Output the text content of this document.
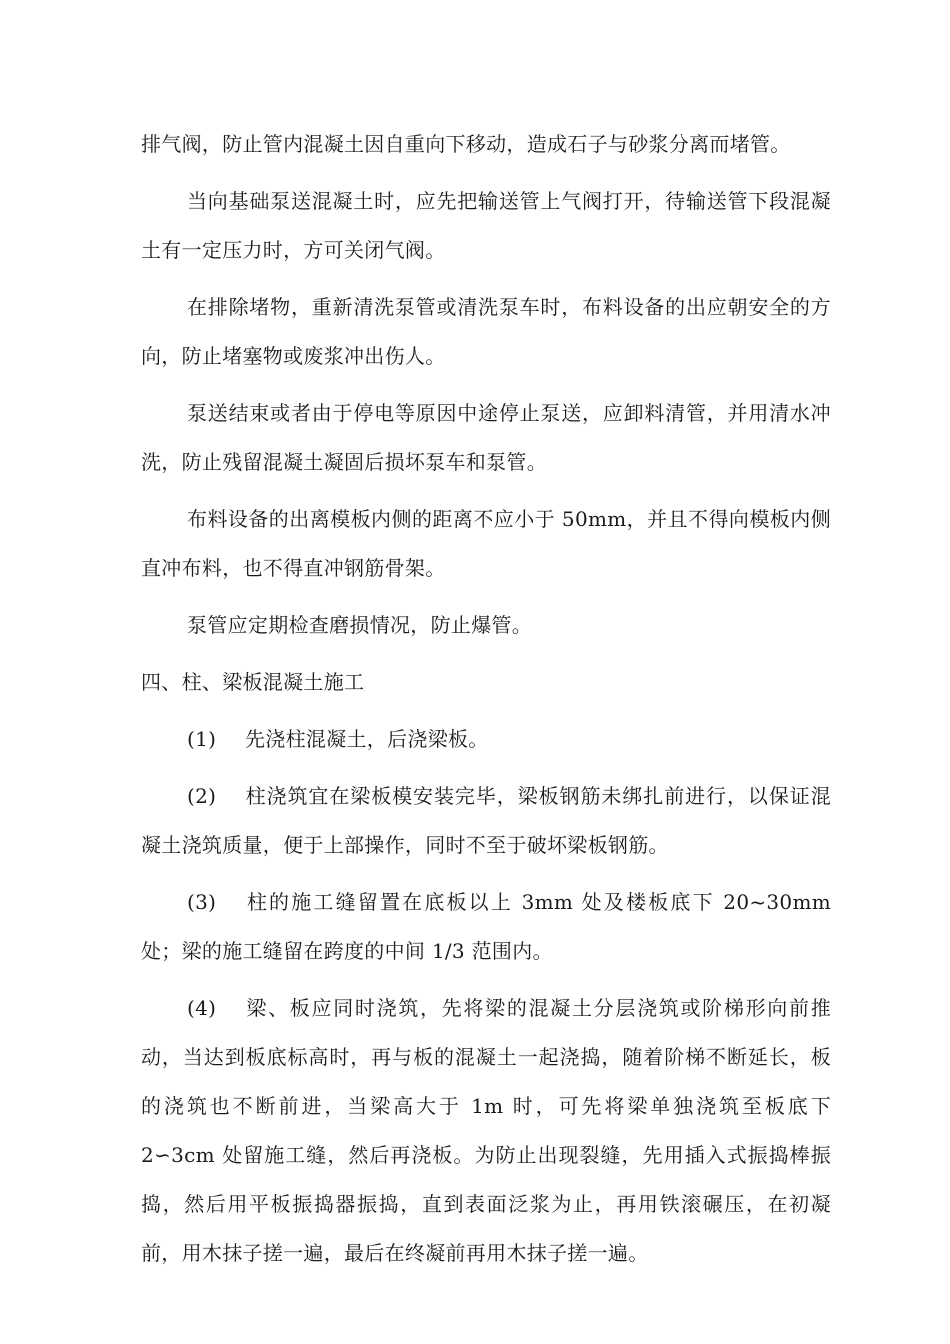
排气阀，防止管内混凝土因自重向下移动，造成石子与砂浆分离而堵管。

当向基础泵送混凝土时，应先把输送管上气阀打开，待输送管下段混凝土有一定压力时，方可关闭气阀。

在排除堵物，重新清洗泵管或清洗泵车时，布料设备的出应朝安全的方向，防止堵塞物或废浆冲出伤人。

泵送结束或者由于停电等原因中途停止泵送，应卸料清管，并用清水冲洗，防止残留混凝土凝固后损坏泵车和泵管。

布料设备的出离模板内侧的距离不应小于 50mm，并且不得向模板内侧直冲布料，也不得直冲钢筋骨架。

泵管应定期检查磨损情况，防止爆管。

四、柱、梁板混凝土施工

(1) 先浇柱混凝土，后浇梁板。

(2) 柱浇筑宜在梁板模安装完毕，梁板钢筋未绑扎前进行，以保证混凝土浇筑质量，便于上部操作，同时不至于破坏梁板钢筋。

(3) 柱的施工缝留置在底板以上 3mm 处及楼板底下 20~30mm 处；梁的施工缝留在跨度的中间 1/3 范围内。

(4) 梁、板应同时浇筑，先将梁的混凝土分层浇筑或阶梯形向前推动，当达到板底标高时，再与板的混凝土一起浇捣，随着阶梯不断延长，板的浇筑也不断前进，当梁高大于 1m 时，可先将梁单独浇筑至板底下 2∽3cm 处留施工缝，然后再浇板。为防止出现裂缝，先用插入式振捣棒振捣，然后用平板振捣器振捣，直到表面泛浆为止，再用铁滚碾压，在初凝前，用木抹子搓一遍，最后在终凝前再用木抹子搓一遍。
